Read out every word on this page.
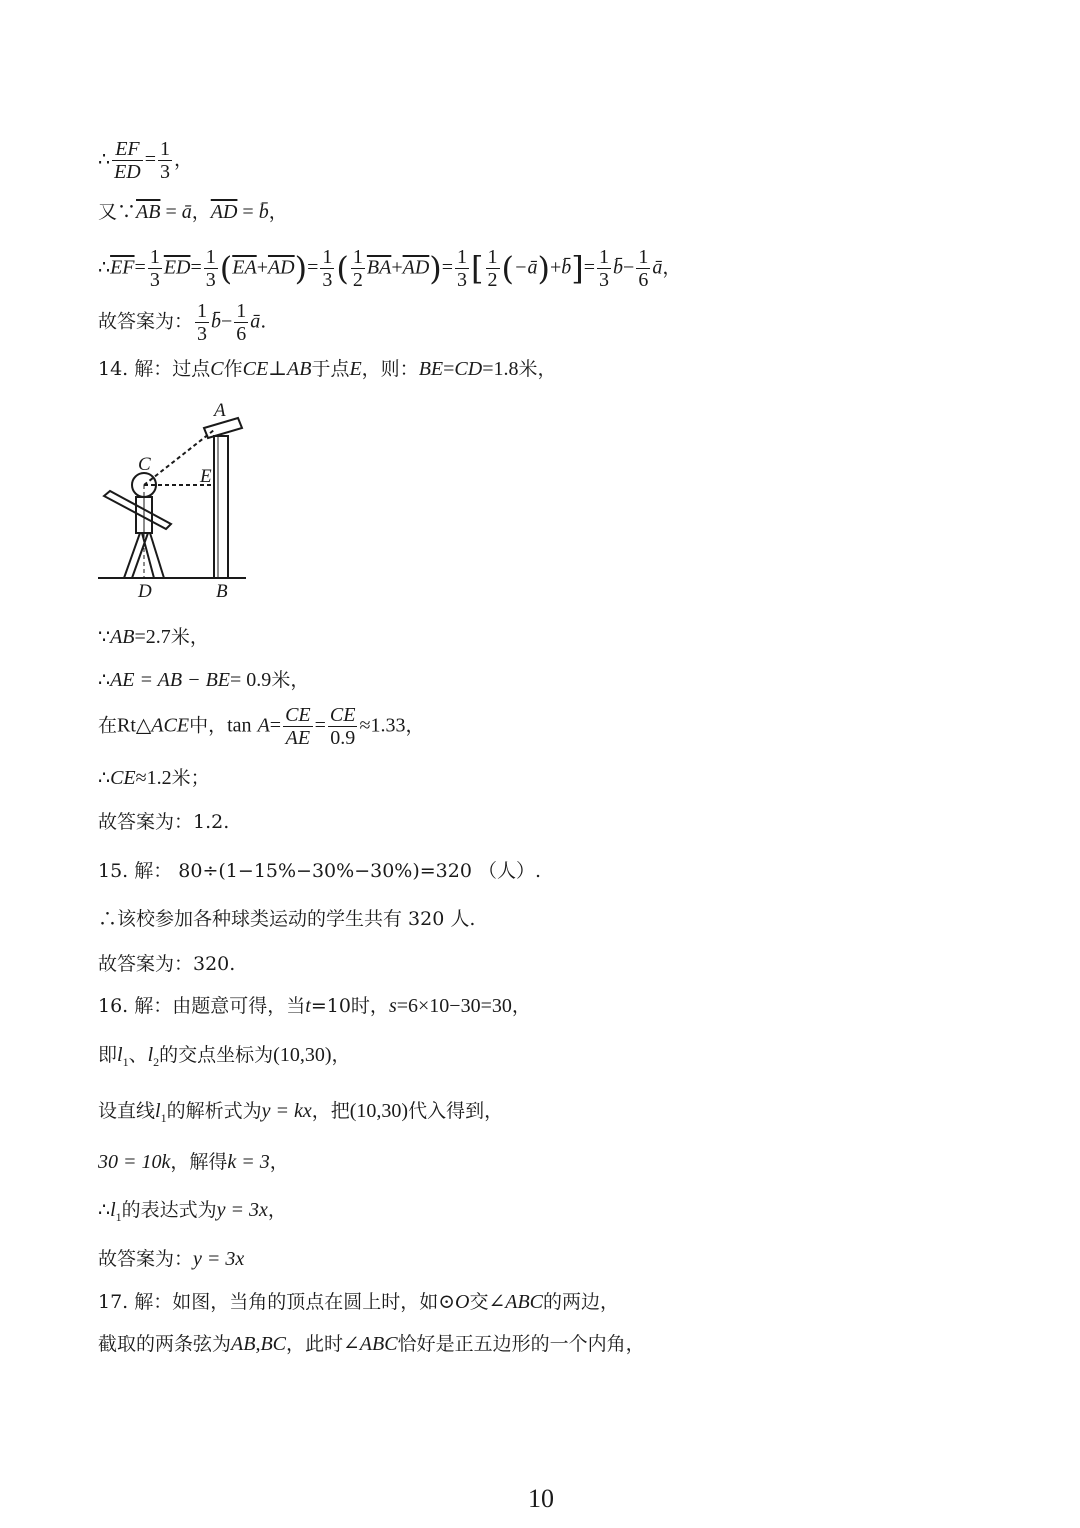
∴ $\frac{EF}{ED} = \frac{1}{3}$ ，
又$\because\overline{AB}$ = ā，$\overline{AD}$ = b̄，
$\therefore\overline{EF}= \frac{1}{3} \overline{ED}= \frac{1}{3} (\overline{EA}+\overline{AD})= \frac{1}{3}$ ( $\frac{1}{2} \overline{BA}+\overline{AD})= \frac{1}{3}$ [ $\frac{1}{2}$ (−ā)+b̄]= $\frac{1}{3}$ b̄− $\frac{1}{6}$ ā，
故答案为： $\frac{1}{3}$ b̄− $\frac{1}{6}$ ā.
14. 解：过点C作CE⊥AB于点E，则：BE=CD=1.8米，
A
C
E
D	B
∵AB=2.7米，
∴AE = AB − BE= 0.9米，
在Rt△ACE中，$\tan A= \frac{CE}{AE} = \frac{CE}{0.9} \approx 1.33$，
∴CE≈1.2米；
故答案为：1.2.
15. 解： 80÷(1−15%−30%−30%)=320 （人）.
∴该校参加各种球类运动的学生共有 320 人.
故答案为：320.
16. 解：由题意可得，当t=10时，s=6×10−30=30，
即$l_1$、$l_2$的交点坐标为(10,30)，
设直线$l_1$的解析式为y = kx，把(10,30)代入得到，
30 = 10k，解得k = 3，
$\therefore l_1$的表达式为y = 3x，
故答案为：y = 3x
17. 解：如图，当角的顶点在圆上时，如⊙O交∠ABC的两边，
截取的两条弦为AB,BC，此时∠ABC恰好是正五边形的一个内角，
10
